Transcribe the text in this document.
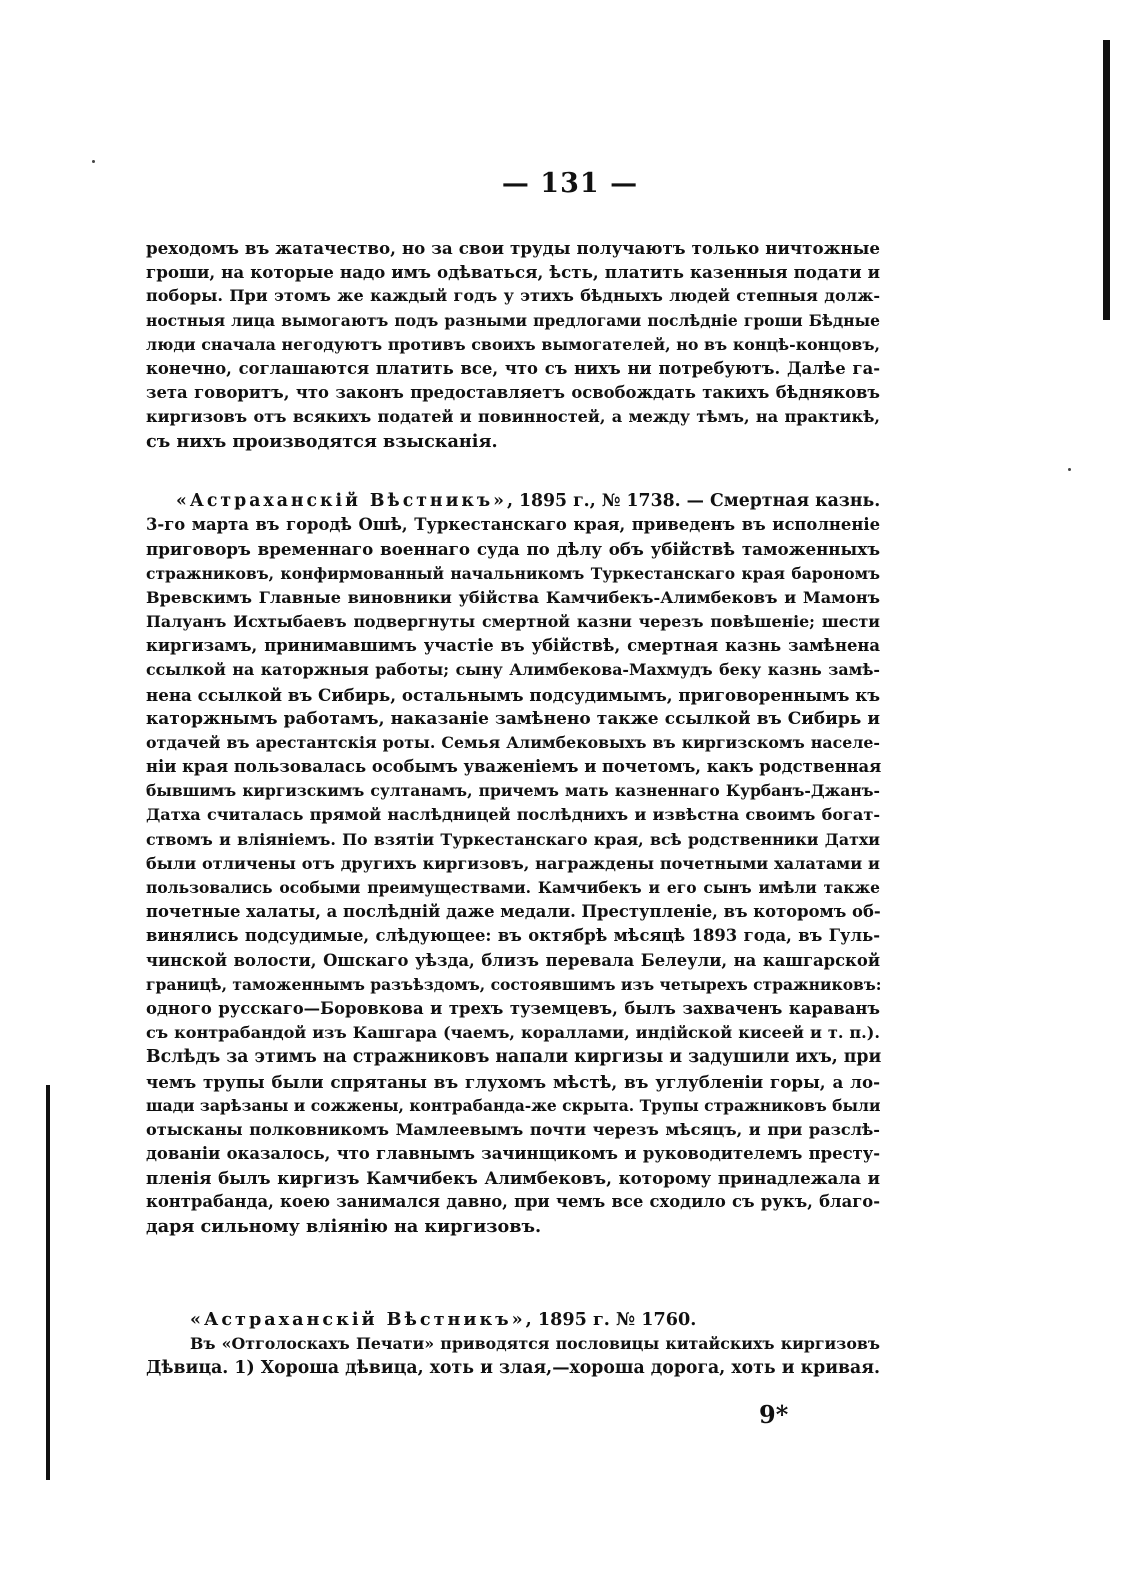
— 131 —
реходомъ въ жатачество, но за свои труды получаютъ только ничтожные
гроши, на которые надо имъ одѣваться, ѣсть, платить казенныя подати и
поборы. При этомъ же каждый годъ у этихъ бѣдныхъ людей степныя долж-
ностныя лица вымогаютъ подъ разными предлогами послѣдніе гроши Бѣдные
люди сначала негодуютъ противъ своихъ вымогателей, но въ концѣ-концовъ,
конечно, соглашаются платить все, что съ нихъ ни потребуютъ. Далѣе га-
зета говоритъ, что законъ предоставляетъ освобождать такихъ бѣдняковъ
киргизовъ отъ всякихъ податей и повинностей, а между тѣмъ, на практикѣ,
съ нихъ производятся взысканія.
«Астраханскій Вѣстникъ», 1895 г., № 1738. — Смертная казнь.
3-го марта въ городѣ Ошѣ, Туркестанскаго края, приведенъ въ исполненіе
приговоръ временнаго военнаго суда по дѣлу объ убійствѣ таможенныхъ
стражниковъ, конфирмованный начальникомъ Туркестанскаго края барономъ
Вревскимъ Главные виновники убійства Камчибекъ-Алимбековъ и Мамонъ
Палуанъ Исхтыбаевъ подвергнуты смертной казни черезъ повѣшеніе; шести
киргизамъ, принимавшимъ участіе въ убійствѣ, смертная казнь замѣнена
ссылкой на каторжныя работы; сыну Алимбекова-Махмудъ беку казнь замѣ-
нена ссылкой въ Сибирь, остальнымъ подсудимымъ, приговореннымъ къ
каторжнымъ работамъ, наказаніе замѣнено также ссылкой въ Сибирь и
отдачей въ арестантскія роты. Семья Алимбековыхъ въ киргизскомъ населе-
ніи края пользовалась особымъ уваженіемъ и почетомъ, какъ родственная
бывшимъ киргизскимъ султанамъ, причемъ мать казненнаго Курбанъ-Джанъ-
Датха считалась прямой наслѣдницей послѣднихъ и извѣстна своимъ богат-
ствомъ и вліяніемъ. По взятіи Туркестанскаго края, всѣ родственники Датхи
были отличены отъ другихъ киргизовъ, награждены почетными халатами и
пользовались особыми преимуществами. Камчибекъ и его сынъ имѣли также
почетные халаты, а послѣдній даже медали. Преступленіе, въ которомъ об-
винялись подсудимые, слѣдующее: въ октябрѣ мѣсяцѣ 1893 года, въ Гуль-
чинской волости, Ошскаго уѣзда, близъ перевала Белеули, на кашгарской
границѣ, таможеннымъ разъѣздомъ, состоявшимъ изъ четырехъ стражниковъ:
одного русскаго—Боровкова и трехъ туземцевъ, былъ захваченъ караванъ
съ контрабандой изъ Кашгара (чаемъ, кораллами, индійской кисеей и т. п.).
Вслѣдъ за этимъ на стражниковъ напали киргизы и задушили ихъ, при
чемъ трупы были спрятаны въ глухомъ мѣстѣ, въ углубленіи горы, а ло-
шади зарѣзаны и сожжены, контрабанда-же скрыта. Трупы стражниковъ были
отысканы полковникомъ Мамлеевымъ почти черезъ мѣсяцъ, и при разслѣ-
дованіи оказалось, что главнымъ зачинщикомъ и руководителемъ престу-
пленія былъ киргизъ Камчибекъ Алимбековъ, которому принадлежала и
контрабанда, коею занимался давно, при чемъ все сходило съ рукъ, благо-
даря сильному вліянію на киргизовъ.
«Астраханскій Вѣстникъ», 1895 г. № 1760.
Въ «Отголоскахъ Печати» приводятся пословицы китайскихъ киргизовъ
Дѣвица. 1) Хороша дѣвица, хоть и злая,—хороша дорога, хоть и кривая.
9*
